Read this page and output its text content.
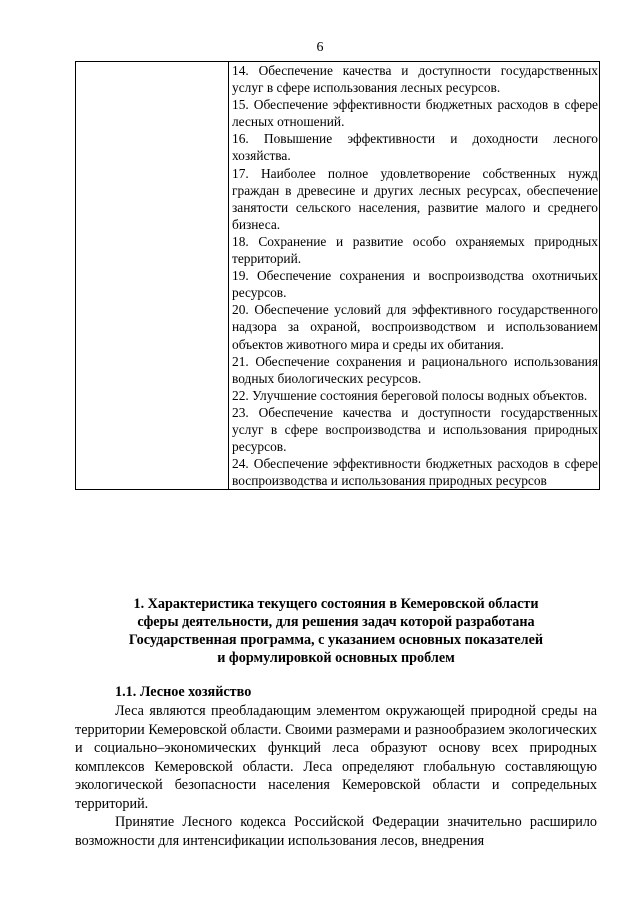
6

14. Обеспечение качества и доступности государственных услуг в сфере использования лесных ресурсов.
15. Обеспечение эффективности бюджетных расходов в сфере лесных отношений.
16. Повышение эффективности и доходности лесного хозяйства.
17. Наиболее полное удовлетворение собственных нужд граждан в древесине и других лесных ресурсах, обеспечение занятости сельского населения, развитие малого и среднего бизнеса.
18. Сохранение и развитие особо охраняемых природных территорий.
19. Обеспечение сохранения и воспроизводства охотничьих ресурсов.
20. Обеспечение условий для эффективного государственного надзора за охраной, воспроизводством и использованием объектов животного мира и среды их обитания.
21. Обеспечение сохранения и рационального использования водных биологических ресурсов.
22. Улучшение состояния береговой полосы водных объектов.
23. Обеспечение качества и доступности государственных услуг в сфере воспроизводства и использования природных ресурсов.
24. Обеспечение эффективности бюджетных расходов в сфере воспроизводства и использования природных ресурсов
1. Характеристика текущего состояния в Кемеровской области
сферы деятельности, для решения задач которой разработана
Государственная программа, с указанием основных показателей
и формулировкой основных проблем
1.1. Лесное хозяйство

Леса являются преобладающим элементом окружающей природной среды на территории Кемеровской области. Своими размерами и разнообразием экологических и социально–экономических функций леса образуют основу всех природных комплексов Кемеровской области. Леса определяют глобальную составляющую экологической безопасности населения Кемеровской области и сопредельных территорий.

Принятие Лесного кодекса Российской Федерации значительно расширило возможности для интенсификации использования лесов, внедрения
